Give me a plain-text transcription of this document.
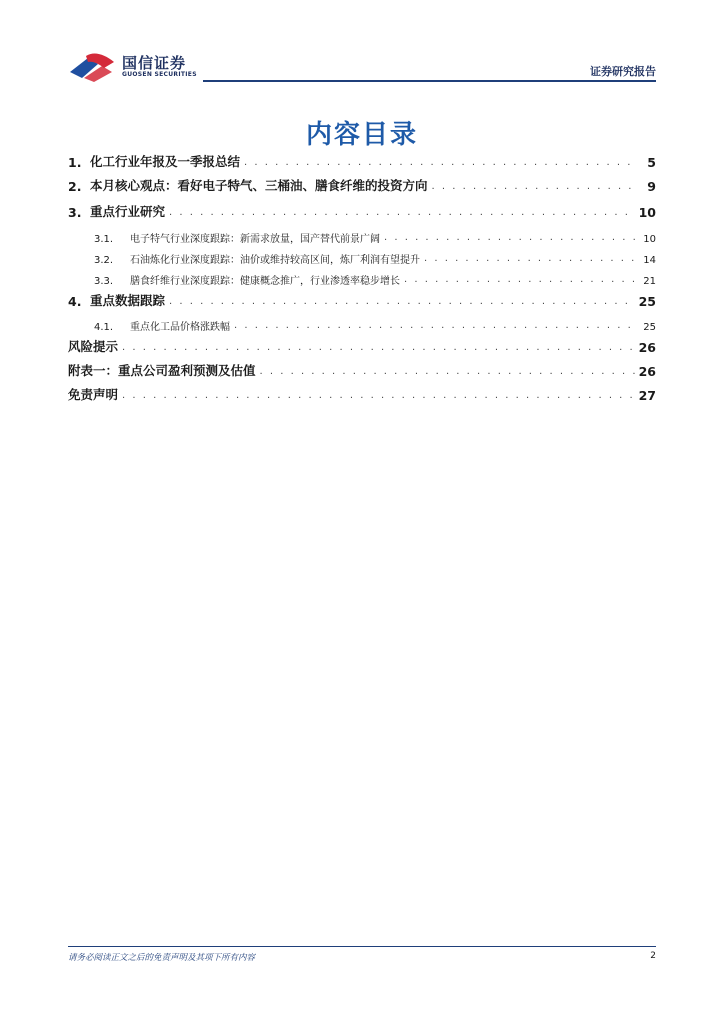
国信证券
GUOSEN SECURITIES	证券研究报告
内容目录
1. 化工行业年报及一季报总结 . . .	5
2. 本月核心观点：看好电子特气、三桶油、膳食纤维的投资方向 . . .	9
3. 重点行业研究 . . .	10
3.1.	电子特气行业深度跟踪：新需求放量，国产替代前景广阔 . . .	10
3.2.	石油炼化行业深度跟踪：油价或维持较高区间，炼厂利润有望提升 . . .	14
3.3.	膳食纤维行业深度跟踪：健康概念推广，行业渗透率稳步增长 . . .	21
4. 重点数据跟踪 . . .	25
4.1.	重点化工品价格涨跌幅 . . .	25
风险提示 . . .	26
附表一：重点公司盈利预测及估值 . . .	26
免责声明 . . .	27
请务必阅读正文之后的免责声明及其项下所有内容	2
